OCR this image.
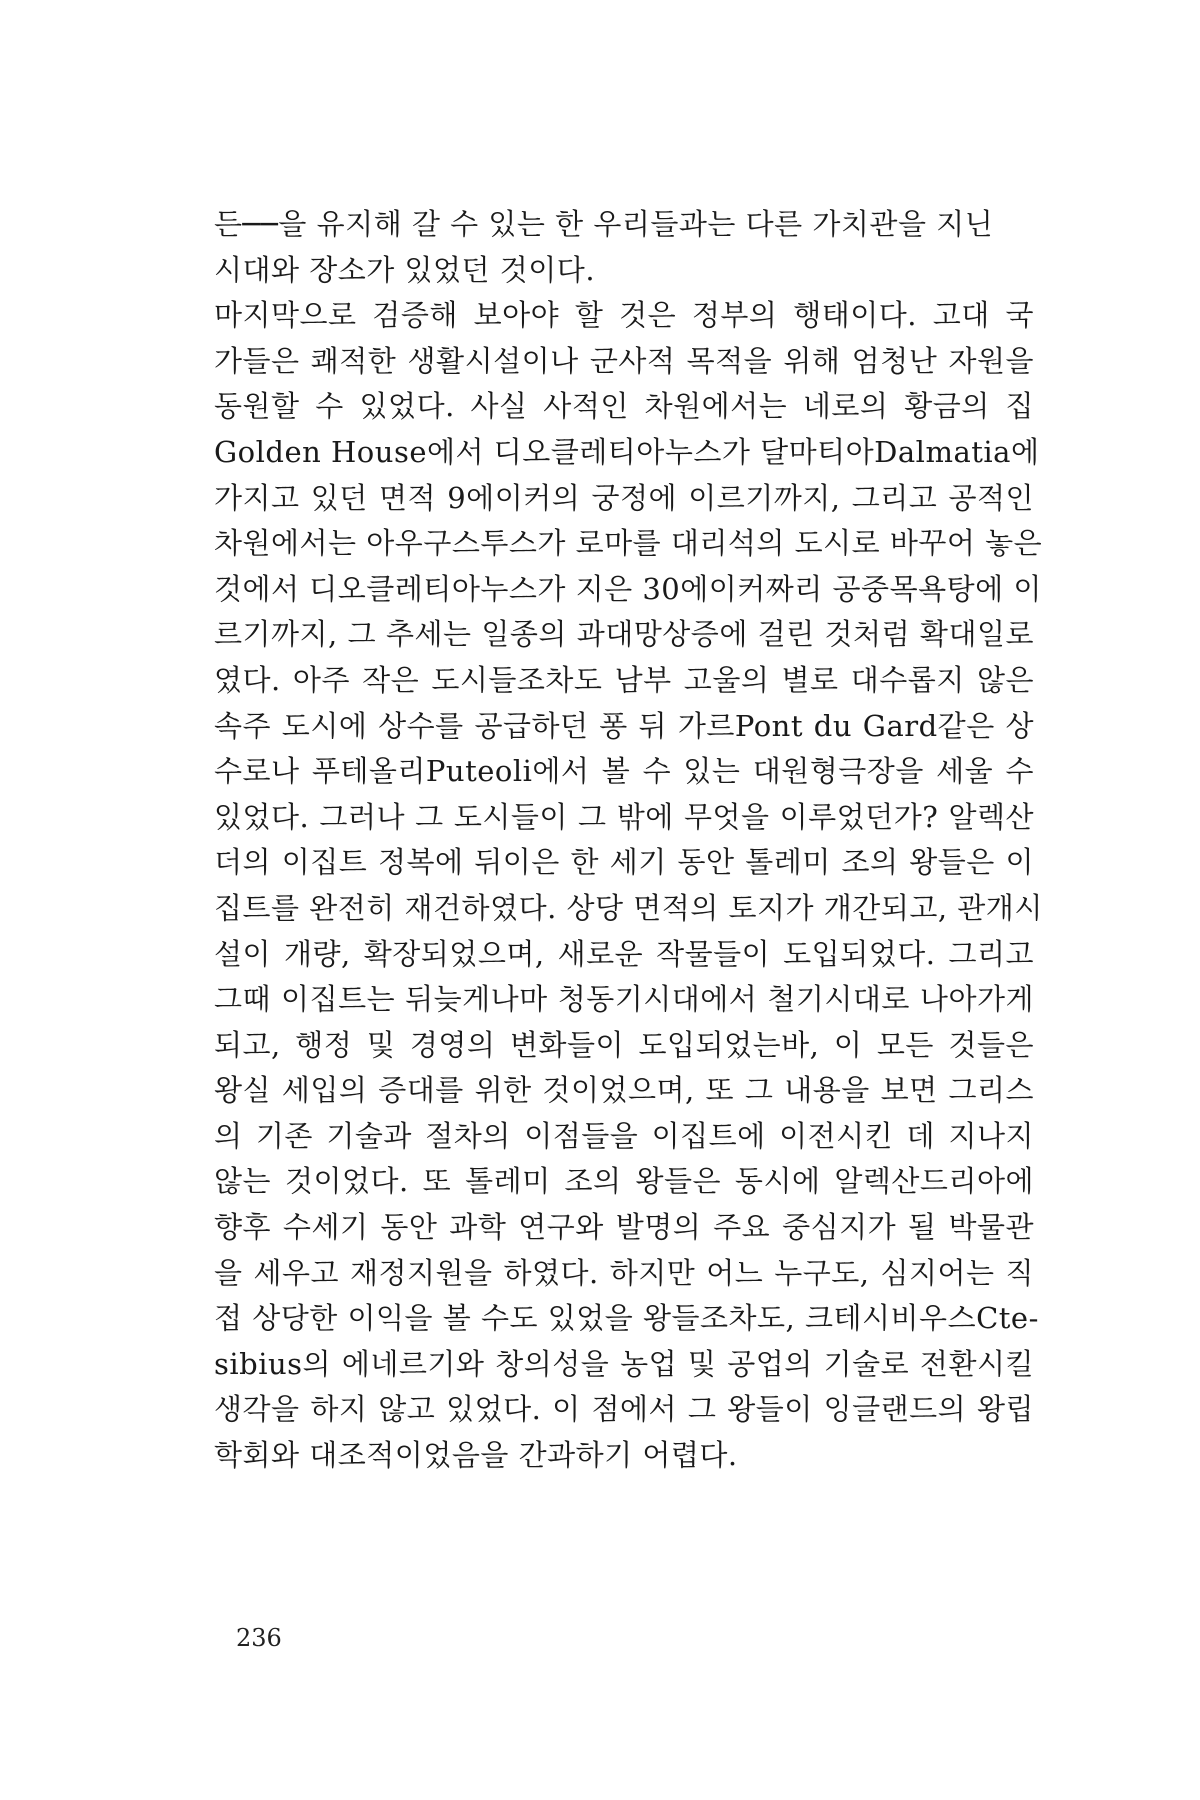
든──을 유지해 갈 수 있는 한 우리들과는 다른 가치관을 지닌
시대와 장소가 있었던 것이다.
마지막으로 검증해 보아야 할 것은 정부의 행태이다. 고대 국
가들은 쾌적한 생활시설이나 군사적 목적을 위해 엄청난 자원을
동원할 수 있었다. 사실 사적인 차원에서는 네로의 황금의 집
Golden House에서 디오클레티아누스가 달마티아Dalmatia에
가지고 있던 면적 9에이커의 궁정에 이르기까지, 그리고 공적인
차원에서는 아우구스투스가 로마를 대리석의 도시로 바꾸어 놓은
것에서 디오클레티아누스가 지은 30에이커짜리 공중목욕탕에 이
르기까지, 그 추세는 일종의 과대망상증에 걸린 것처럼 확대일로
였다. 아주 작은 도시들조차도 남부 고울의 별로 대수롭지 않은
속주 도시에 상수를 공급하던 퐁 뒤 가르Pont du Gard같은 상
수로나 푸테올리Puteoli에서 볼 수 있는 대원형극장을 세울 수
있었다. 그러나 그 도시들이 그 밖에 무엇을 이루었던가? 알렉산
더의 이집트 정복에 뒤이은 한 세기 동안 톨레미 조의 왕들은 이
집트를 완전히 재건하였다. 상당 면적의 토지가 개간되고, 관개시
설이 개량, 확장되었으며, 새로운 작물들이 도입되었다. 그리고
그때 이집트는 뒤늦게나마 청동기시대에서 철기시대로 나아가게
되고, 행정 및 경영의 변화들이 도입되었는바, 이 모든 것들은
왕실 세입의 증대를 위한 것이었으며, 또 그 내용을 보면 그리스
의 기존 기술과 절차의 이점들을 이집트에 이전시킨 데 지나지
않는 것이었다. 또 톨레미 조의 왕들은 동시에 알렉산드리아에
향후 수세기 동안 과학 연구와 발명의 주요 중심지가 될 박물관
을 세우고 재정지원을 하였다. 하지만 어느 누구도, 심지어는 직
접 상당한 이익을 볼 수도 있었을 왕들조차도, 크테시비우스Cte-
sibius의 에네르기와 창의성을 농업 및 공업의 기술로 전환시킬
생각을 하지 않고 있었다. 이 점에서 그 왕들이 잉글랜드의 왕립
학회와 대조적이었음을 간과하기 어렵다.
236
